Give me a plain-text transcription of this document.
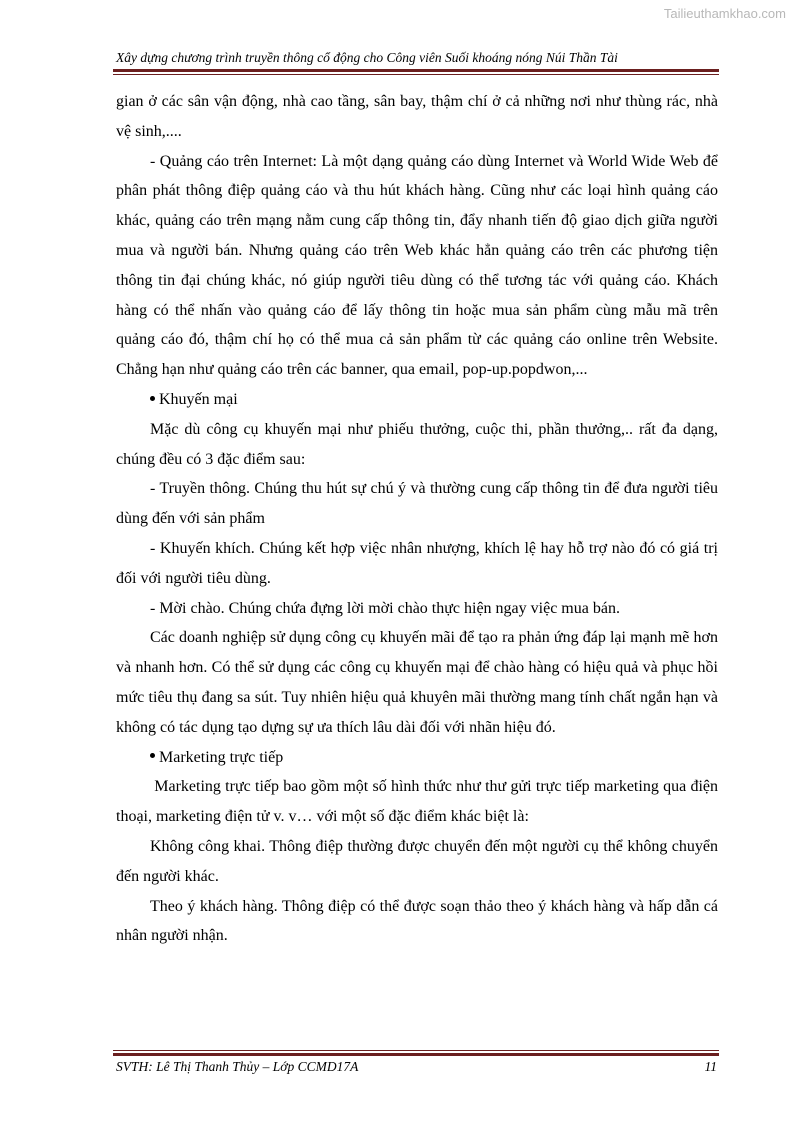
Tailieuthamkhao.com
Xây dựng chương trình truyền thông cổ động cho Công viên Suối khoáng nóng Núi Thần Tài

gian ở các sân vận động, nhà cao tầng, sân bay, thậm chí ở cả những nơi như thùng rác, nhà vệ sinh,....

- Quảng cáo trên Internet: Là một dạng quảng cáo dùng Internet và World Wide Web để phân phát thông điệp quảng cáo và thu hút khách hàng. Cũng như các loại hình quảng cáo khác, quảng cáo trên mạng nằm cung cấp thông tin, đẩy nhanh tiến độ giao dịch giữa người mua và người bán. Nhưng quảng cáo trên Web khác hẳn quảng cáo trên các phương tiện thông tin đại chúng khác, nó giúp người tiêu dùng có thể tương tác với quảng cáo. Khách hàng có thể nhấn vào quảng cáo để lấy thông tin hoặc mua sản phẩm cùng mẫu mã trên quảng cáo đó, thậm chí họ có thể mua cả sản phẩm từ các quảng cáo online trên Website. Chẳng hạn như quảng cáo trên các banner, qua email, pop-up.popdwon,...

Khuyến mại

Mặc dù công cụ khuyến mại như phiếu thưởng, cuộc thi, phần thưởng,.. rất đa dạng, chúng đều có 3 đặc điểm sau:

- Truyền thông. Chúng thu hút sự chú ý và thường cung cấp thông tin để đưa người tiêu dùng đến với sản phẩm

- Khuyến khích. Chúng kết hợp việc nhân nhượng, khích lệ hay hỗ trợ nào đó có giá trị đối với người tiêu dùng.

- Mời chào. Chúng chứa đựng lời mời chào thực hiện ngay việc mua bán.

Các doanh nghiệp sử dụng công cụ khuyến mãi để tạo ra phản ứng đáp lại mạnh mẽ hơn và nhanh hơn. Có thể sử dụng các công cụ khuyến mại để chào hàng có hiệu quả và phục hồi mức tiêu thụ đang sa sút. Tuy nhiên hiệu quả khuyên mãi thường mang tính chất ngắn hạn và không có tác dụng tạo dựng sự ưa thích lâu dài đối với nhãn hiệu đó.

Marketing trực tiếp

Marketing trực tiếp bao gồm một số hình thức như thư gửi trực tiếp marketing qua điện thoại, marketing điện tử v. v… với một số đặc điểm khác biệt là:

Không công khai. Thông điệp thường được chuyển đến một người cụ thể không chuyển đến người khác.

Theo ý khách hàng. Thông điệp có thể được soạn thảo theo ý khách hàng và hấp dẫn cá nhân người nhận.

SVTH: Lê Thị Thanh Thủy – Lớp CCMD17A	11
